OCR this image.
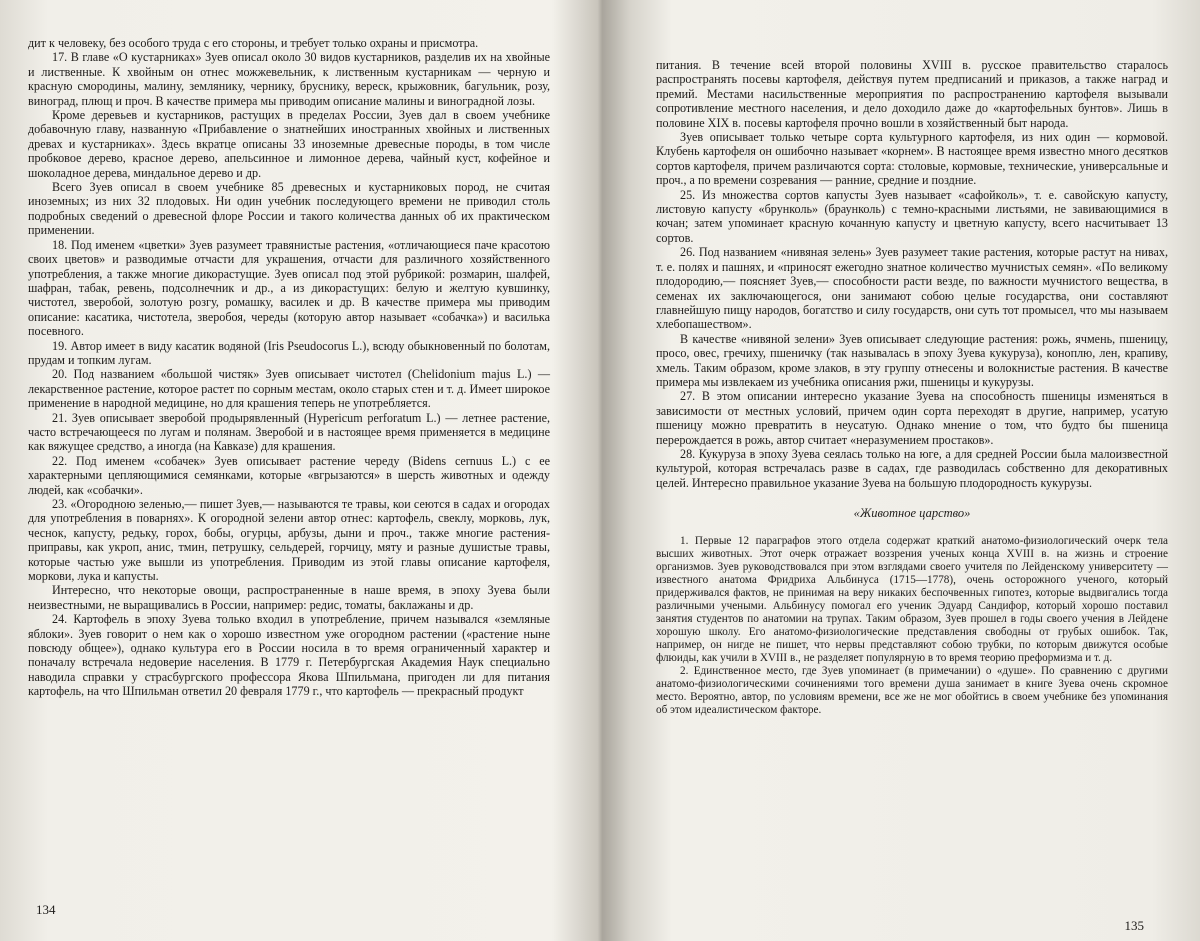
дит к человеку, без особого труда с его стороны, и требует только охраны и присмотра.

17. В главе «О кустарниках» Зуев описал около 30 видов кустарников, разделив их на хвойные и лиственные. К хвойным он отнес можжевельник, к лиственным кустарникам — черную и красную смородины, малину, землянику, чернику, бруснику, вереск, крыжовник, багульник, розу, виноград, плющ и проч. В качестве примера мы приводим описание малины и виноградной лозы.

Кроме деревьев и кустарников, растущих в пределах России, Зуев дал в своем учебнике добавочную главу, названную «Прибавление о знатнейших иностранных хвойных и лиственных древах и кустарниках». Здесь вкратце описаны 33 иноземные древесные породы, в том числе пробковое дерево, красное дерево, апельсинное и лимонное дерева, чайный куст, кофейное и шоколадное дерева, миндальное дерево и др.

Всего Зуев описал в своем учебнике 85 древесных и кустарниковых пород, не считая иноземных; из них 32 плодовых. Ни один учебник последующего времени не приводил столь подробных сведений о древесной флоре России и такого количества данных об их практическом применении.

18. Под именем «цветки» Зуев разумеет травянистые растения, «отличающиеся паче красотою своих цветов» и разводимые отчасти для украшения, отчасти для различного хозяйственного употребления, а также многие дикорастущие. Зуев описал под этой рубрикой: розмарин, шалфей, шафран, табак, ревень, подсолнечник и др., а из дикорастущих: белую и желтую кувшинку, чистотел, зверобой, золотую розгу, ромашку, василек и др. В качестве примера мы приводим описание: касатика, чистотела, зверобоя, череды (которую автор называет «собачка») и василька посевного.

19. Автор имеет в виду касатик водяной (Iris Pseudocorus L.), всюду обыкновенный по болотам, прудам и топким лугам.

20. Под названием «большой чистяк» Зуев описывает чистотел (Chelidonium majus L.) — лекарственное растение, которое растет по сорным местам, около старых стен и т. д. Имеет широкое применение в народной медицине, но для крашения теперь не употребляется.

21. Зуев описывает зверобой продырявленный (Hypericum perforatum L.) — летнее растение, часто встречающееся по лугам и полянам. Зверобой и в настоящее время применяется в медицине как вяжущее средство, а иногда (на Кавказе) для крашения.

22. Под именем «собачек» Зуев описывает растение череду (Bidens cernuus L.) с ее характерными цепляющимися семянками, которые «вгрызаются» в шерсть животных и одежду людей, как «собачки».

23. «Огородною зеленью,— пишет Зуев,— называются те травы, кои сеются в садах и огородах для употребления в поварнях». К огородной зелени автор отнес: картофель, свеклу, морковь, лук, чеснок, капусту, редьку, горох, бобы, огурцы, арбузы, дыни и проч., также многие растения-приправы, как укроп, анис, тмин, петрушку, сельдерей, горчицу, мяту и разные душистые травы, которые частью уже вышли из употребления. Приводим из этой главы описание картофеля, моркови, лука и капусты.

Интересно, что некоторые овощи, распространенные в наше время, в эпоху Зуева были неизвестными, не выращивались в России, например: редис, томаты, баклажаны и др.

24. Картофель в эпоху Зуева только входил в употребление, причем назывался «земляные яблоки». Зуев говорит о нем как о хорошо известном уже огородном растении («растение ныне повсюду общее»), однако культура его в России носила в то время ограниченный характер и поначалу встречала недоверие населения. В 1779 г. Петербургская Академия Наук специально наводила справки у страсбургского профессора Якова Шпильмана, пригоден ли для питания картофель, на что Шпильман ответил 20 февраля 1779 г., что картофель — прекрасный продукт

134

питания. В течение всей второй половины XVIII в. русское правительство старалось распространять посевы картофеля, действуя путем предписаний и приказов, а также наград и премий. Местами насильственные мероприятия по распространению картофеля вызывали сопротивление местного населения, и дело доходило даже до «картофельных бунтов». Лишь в половине XIX в. посевы картофеля прочно вошли в хозяйственный быт народа.

Зуев описывает только четыре сорта культурного картофеля, из них один — кормовой. Клубень картофеля он ошибочно называет «корнем». В настоящее время известно много десятков сортов картофеля, причем различаются сорта: столовые, кормовые, технические, универсальные и проч., а по времени созревания — ранние, средние и поздние.

25. Из множества сортов капусты Зуев называет «сафойколь», т. е. савойскую капусту, листовую капусту «брунколь» (браунколь) с темно-красными листьями, не завивающимися в кочан; затем упоминает красную кочанную капусту и цветную капусту, всего насчитывает 13 сортов.

26. Под названием «нивяная зелень» Зуев разумеет такие растения, которые растут на нивах, т. е. полях и пашнях, и «приносят ежегодно знатное количество мучнистых семян». «По великому плодородию,— поясняет Зуев,— способности расти везде, по важности мучнистого вещества, в семенах их заключающегося, они занимают собою целые государства, они составляют главнейшую пищу народов, богатство и силу государств, они суть тот промысел, что мы называем хлебопашеством».

В качестве «нивяной зелени» Зуев описывает следующие растения: рожь, ячмень, пшеницу, просо, овес, гречиху, пшеничку (так называлась в эпоху Зуева кукуруза), коноплю, лен, крапиву, хмель. Таким образом, кроме злаков, в эту группу отнесены и волокнистые растения. В качестве примера мы извлекаем из учебника описания ржи, пшеницы и кукурузы.

27. В этом описании интересно указание Зуева на способность пшеницы изменяться в зависимости от местных условий, причем один сорта переходят в другие, например, усатую пшеницу можно превратить в неусатую. Однако мнение о том, что будто бы пшеница перерождается в рожь, автор считает «неразумением простаков».

28. Кукуруза в эпоху Зуева сеялась только на юге, а для средней России была малоизвестной культурой, которая встречалась разве в садах, где разводилась собственно для декоративных целей. Интересно правильное указание Зуева на большую плодородность кукурузы.

«Животное царство»

1. Первые 12 параграфов этого отдела содержат краткий анатомо-физиологический очерк тела высших животных. Этот очерк отражает воззрения ученых конца XVIII в. на жизнь и строение организмов. Зуев руководствовался при этом взглядами своего учителя по Лейденскому университету — известного анатома Фридриха Альбинуса (1715—1778), очень осторожного ученого, который придерживался фактов, не принимая на веру никаких беспочвенных гипотез, которые выдвигались тогда различными учеными. Альбинусу помогал его ученик Эдуард Сандифор, который хорошо поставил занятия студентов по анатомии на трупах. Таким образом, Зуев прошел в годы своего учения в Лейдене хорошую школу. Его анатомо-физиологические представления свободны от грубых ошибок. Так, например, он нигде не пишет, что нервы представляют собою трубки, по которым движутся особые флюиды, как учили в XVIII в., не разделяет популярную в то время теорию преформизма и т. д.

2. Единственное место, где Зуев упоминает (в примечании) о «душе». По сравнению с другими анатомо-физиологическими сочинениями того времени душа занимает в книге Зуева очень скромное место. Вероятно, автор, по условиям времени, все же не мог обойтись в своем учебнике без упоминания об этом идеалистическом факторе.

135
